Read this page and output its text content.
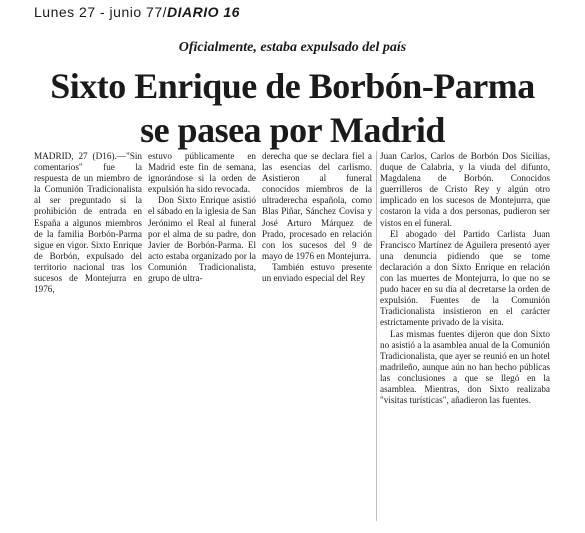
Lunes 27 - junio 77/DIARIO 16
Oficialmente, estaba expulsado del país
Sixto Enrique de Borbón-Parma
se pasea por Madrid

MADRID, 27 (D16).—"Sin comentarios" fue la respuesta de un miembro de la Comunión Tradicionalista al ser preguntado si la prohibición de entrada en España a algunos miembros de la familia Borbón-Parma sigue en vigor. Sixto Enrique de Borbón, expulsado del territorio nacional tras los sucesos de Montejurra en 1976,

estuvo públicamente en Madrid este fin de semana, ignorándose si la orden de expulsión ha sido revocada.

Don Sixto Enrique asistió el sábado en la iglesia de San Jerónimo el Real al funeral por el alma de su padre, don Javier de Borbón-Parma. El acto estaba organizado por la Comunión Tradicionalista, grupo de ultra-

derecha que se declara fiel a las esencias del carlismo. Asistieron al funeral conocidos miembros de la ultraderecha española, como Blas Piñar, Sánchez Covisa y José Arturo Márquez de Prado, procesado en relación con los sucesos del 9 de mayo de 1976 en Montejurra.

También estuvo presente un enviado especial del Rey

Juan Carlos, Carlos de Borbón Dos Sicilias, duque de Calabria, y la viuda del difunto, Magdalena de Borbón. Conocidos guerrilleros de Cristo Rey y algún otro implicado en los sucesos de Montejurra, que costaron la vida a dos personas, pudieron ser vistos en el funeral.

El abogado del Partido Carlista Juan Francisco Martínez de Aguilera presentó ayer una denuncia pidiendo que se tome declaración a don Sixto Enrique en relación con las muertes de Montejurra, lo que no se pudo hacer en su día al decretarse la orden de expulsión. Fuentes de la Comunión Tradicionalista insistieron en el carácter estrictamente privado de la visita.

Las mismas fuentes dijeron que don Sixto no asistió a la asamblea anual de la Comunión Tradicionalista, que ayer se reunió en un hotel madrileño, aunque aún no han hecho públicas las conclusiones a que se llegó en la asamblea. Mientras, don Sixto realizaba "visitas turísticas", añadieron las fuentes.
